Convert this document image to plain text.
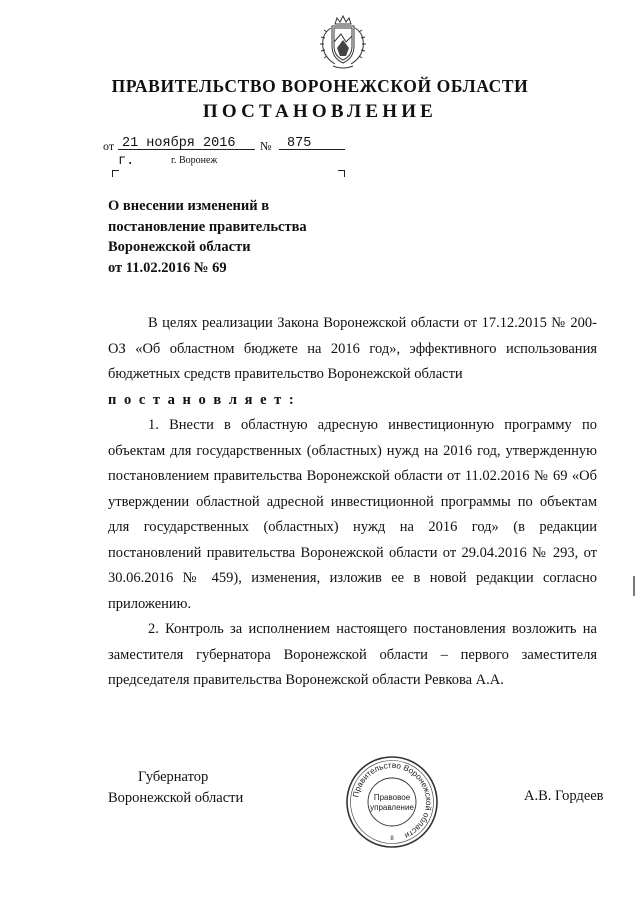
ПРАВИТЕЛЬСТВО ВОРОНЕЖСКОЙ ОБЛАСТИ
ПОСТАНОВЛЕНИЕ
от 21 ноября 2016 г.
№	875
г. Воронеж
О внесении изменений в
постановление правительства
Воронежской области
от 11.02.2016 № 69

В целях реализации Закона Воронежской области от 17.12.2015 № 200-ОЗ «Об областном бюджете на 2016 год», эффективного использования бюджетных средств правительство Воронежской области

п о с т а н о в л я е т :

1. Внести в областную адресную инвестиционную программу по объектам для государственных (областных) нужд на 2016 год, утвержденную постановлением правительства Воронежской области от 11.02.2016 № 69 «Об утверждении областной адресной инвестиционной программы по объектам для государственных (областных) нужд на 2016 год» (в редакции постановлений правительства Воронежской области от 29.04.2016 № 293, от 30.06.2016 № 459), изменения, изложив ее в новой редакции согласно приложению.

2. Контроль за исполнением настоящего постановления возложить на заместителя губернатора Воронежской области – первого заместителя председателя правительства Воронежской области Ревкова А.А.

Губернатор
Воронежской области	Правительство Воронежской области
Правовое
управление
8
А.В. Гордеев
